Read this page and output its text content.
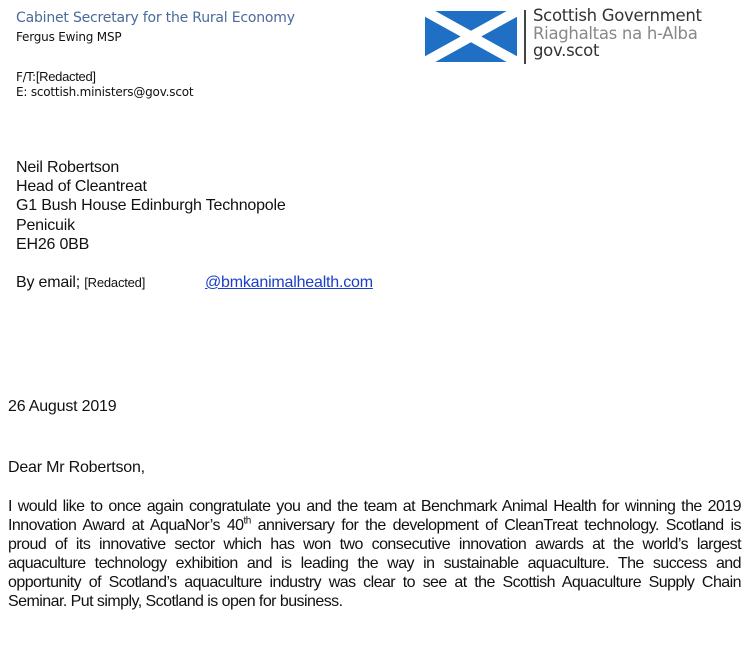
Cabinet Secretary for the Rural Economy
Fergus Ewing MSP
F/T:[Redacted]
E: scottish.ministers@gov.scot
Scottish Government
Riaghaltas na h-Alba
gov.scot
Neil Robertson
Head of Cleantreat
G1 Bush House Edinburgh Technopole
Penicuik
EH26 0BB
By email; [Redacted]	@bmkanimalhealth.com
26 August 2019
Dear Mr Robertson,
I would like to once again congratulate you and the team at Benchmark Animal Health for winning the 2019 Innovation Award at AquaNor’s 40th anniversary for the development of CleanTreat technology. Scotland is proud of its innovative sector which has won two consecutive innovation awards at the world’s largest aquaculture technology exhibition and is leading the way in sustainable aquaculture. The success and opportunity of Scotland’s aquaculture industry was clear to see at the Scottish Aquaculture Supply Chain Seminar. Put simply, Scotland is open for business.
